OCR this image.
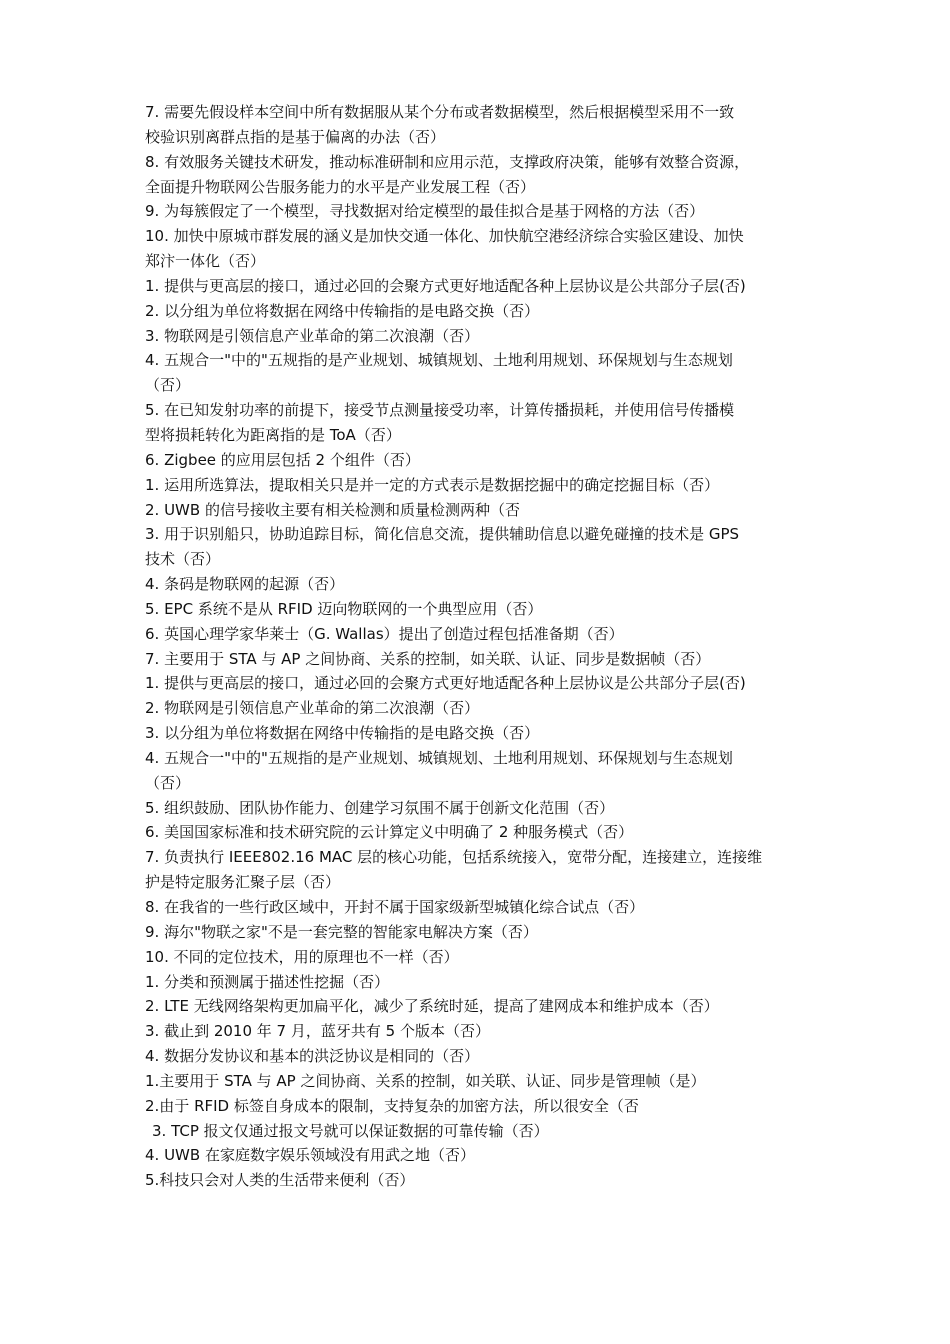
7. 需要先假设样本空间中所有数据服从某个分布或者数据模型，然后根据模型采用不一致
校验识别离群点指的是基于偏离的办法（否）
8. 有效服务关键技术研发，推动标准研制和应用示范，支撑政府决策，能够有效整合资源，
全面提升物联网公告服务能力的水平是产业发展工程（否）
9. 为每簇假定了一个模型，寻找数据对给定模型的最佳拟合是基于网格的方法（否）
10. 加快中原城市群发展的涵义是加快交通一体化、加快航空港经济综合实验区建设、加快
郑汴一体化（否）
1. 提供与更高层的接口，通过必回的会聚方式更好地适配各种上层协议是公共部分子层(否)
2. 以分组为单位将数据在网络中传输指的是电路交换（否）
3. 物联网是引领信息产业革命的第二次浪潮（否）
4. 五规合一"中的"五规指的是产业规划、城镇规划、土地利用规划、环保规划与生态规划
（否）
5. 在已知发射功率的前提下，接受节点测量接受功率，计算传播损耗，并使用信号传播模
型将损耗转化为距离指的是 ToA（否）
6. Zigbee 的应用层包括 2 个组件（否）
1. 运用所选算法，提取相关只是并一定的方式表示是数据挖掘中的确定挖掘目标（否）
2. UWB 的信号接收主要有相关检测和质量检测两种（否
3. 用于识别船只，协助追踪目标，简化信息交流，提供辅助信息以避免碰撞的技术是 GPS
技术（否）
4. 条码是物联网的起源（否）
5. EPC 系统不是从 RFID 迈向物联网的一个典型应用（否）
6. 英国心理学家华莱士（G. Wallas）提出了创造过程包括准备期（否）
7. 主要用于 STA 与 AP 之间协商、关系的控制，如关联、认证、同步是数据帧（否）
1. 提供与更高层的接口，通过必回的会聚方式更好地适配各种上层协议是公共部分子层(否)
2. 物联网是引领信息产业革命的第二次浪潮（否）
3. 以分组为单位将数据在网络中传输指的是电路交换（否）
4. 五规合一"中的"五规指的是产业规划、城镇规划、土地利用规划、环保规划与生态规划
（否）
5. 组织鼓励、团队协作能力、创建学习氛围不属于创新文化范围（否）
6. 美国国家标准和技术研究院的云计算定义中明确了 2 种服务模式（否）
7. 负责执行 IEEE802.16 MAC 层的核心功能，包括系统接入，宽带分配，连接建立，连接维
护是特定服务汇聚子层（否）
8. 在我省的一些行政区域中，开封不属于国家级新型城镇化综合试点（否）
9. 海尔"物联之家"不是一套完整的智能家电解决方案（否）
10. 不同的定位技术，用的原理也不一样（否）
1. 分类和预测属于描述性挖掘（否）
2. LTE 无线网络架构更加扁平化，减少了系统时延，提高了建网成本和维护成本（否）
3. 截止到 2010 年 7 月，蓝牙共有 5 个版本（否）
4. 数据分发协议和基本的洪泛协议是相同的（否）
1.主要用于 STA 与 AP 之间协商、关系的控制，如关联、认证、同步是管理帧（是）
2.由于 RFID 标签自身成本的限制，支持复杂的加密方法，所以很安全（否
3. TCP 报文仅通过报文号就可以保证数据的可靠传输（否）
4. UWB 在家庭数字娱乐领域没有用武之地（否）
5.科技只会对人类的生活带来便利（否）
